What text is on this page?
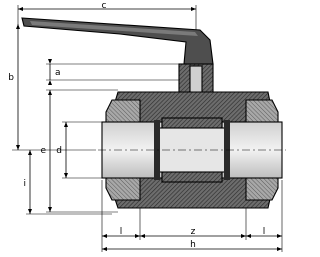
c
b	a
e d
i
l	z	l
h
